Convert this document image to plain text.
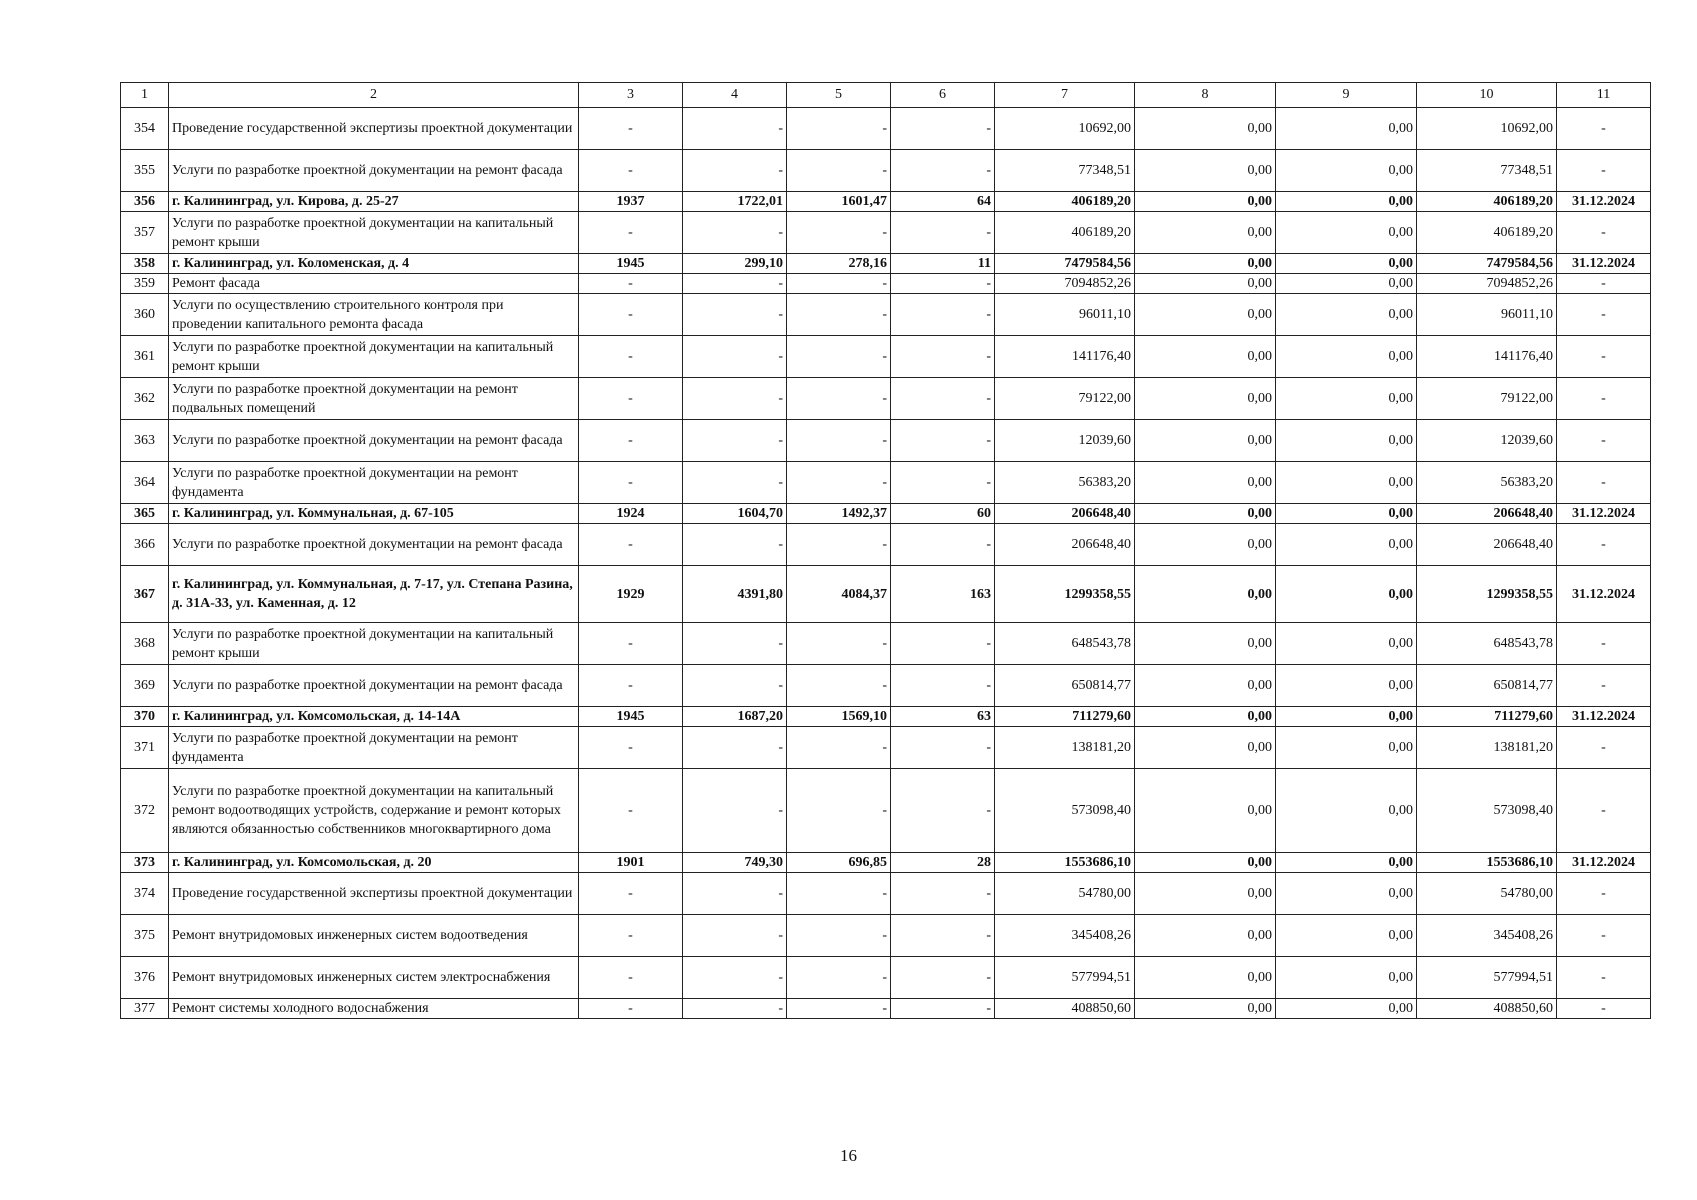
1	2	3	4	5	6	7	8	9	10	11
354	Проведение государственной экспертизы проектной документации	-	-	-	-	10692,00	0,00	0,00	10692,00	-
355	Услуги по разработке проектной документации на ремонт фасада	-	-	-	-	77348,51	0,00	0,00	77348,51	-
356	г. Калининград, ул. Кирова, д. 25-27	1937	1722,01	1601,47	64	406189,20	0,00	0,00	406189,20	31.12.2024
357	Услуги по разработке проектной документации на капитальный ремонт крыши	-	-	-	-	406189,20	0,00	0,00	406189,20	-
358	г. Калининград, ул. Коломенская, д. 4	1945	299,10	278,16	11	7479584,56	0,00	0,00	7479584,56	31.12.2024
359	Ремонт фасада	-	-	-	-	7094852,26	0,00	0,00	7094852,26	-
360	Услуги по осуществлению строительного контроля при проведении капитального ремонта фасада	-	-	-	-	96011,10	0,00	0,00	96011,10	-
361	Услуги по разработке проектной документации на капитальный ремонт крыши	-	-	-	-	141176,40	0,00	0,00	141176,40	-
362	Услуги по разработке проектной документации на ремонт подвальных помещений	-	-	-	-	79122,00	0,00	0,00	79122,00	-
363	Услуги по разработке проектной документации на ремонт фасада	-	-	-	-	12039,60	0,00	0,00	12039,60	-
364	Услуги по разработке проектной документации на ремонт фундамента	-	-	-	-	56383,20	0,00	0,00	56383,20	-
365	г. Калининград, ул. Коммунальная, д. 67-105	1924	1604,70	1492,37	60	206648,40	0,00	0,00	206648,40	31.12.2024
366	Услуги по разработке проектной документации на ремонт фасада	-	-	-	-	206648,40	0,00	0,00	206648,40	-
367	г. Калининград, ул. Коммунальная, д. 7-17, ул. Степана Разина, д. 31А-33, ул. Каменная, д. 12	1929	4391,80	4084,37	163	1299358,55	0,00	0,00	1299358,55	31.12.2024
368	Услуги по разработке проектной документации на капитальный ремонт крыши	-	-	-	-	648543,78	0,00	0,00	648543,78	-
369	Услуги по разработке проектной документации на ремонт фасада	-	-	-	-	650814,77	0,00	0,00	650814,77	-
370	г. Калининград, ул. Комсомольская, д. 14-14А	1945	1687,20	1569,10	63	711279,60	0,00	0,00	711279,60	31.12.2024
371	Услуги по разработке проектной документации на ремонт фундамента	-	-	-	-	138181,20	0,00	0,00	138181,20	-
372	Услуги по разработке проектной документации на капитальный ремонт водоотводящих устройств, содержание и ремонт которых являются обязанностью собственников многоквартирного дома	-	-	-	-	573098,40	0,00	0,00	573098,40	-
373	г. Калининград, ул. Комсомольская, д. 20	1901	749,30	696,85	28	1553686,10	0,00	0,00	1553686,10	31.12.2024
374	Проведение государственной экспертизы проектной документации	-	-	-	-	54780,00	0,00	0,00	54780,00	-
375	Ремонт внутридомовых инженерных систем водоотведения	-	-	-	-	345408,26	0,00	0,00	345408,26	-
376	Ремонт внутридомовых инженерных систем электроснабжения	-	-	-	-	577994,51	0,00	0,00	577994,51	-
377	Ремонт системы холодного водоснабжения	-	-	-	-	408850,60	0,00	0,00	408850,60	-
16
